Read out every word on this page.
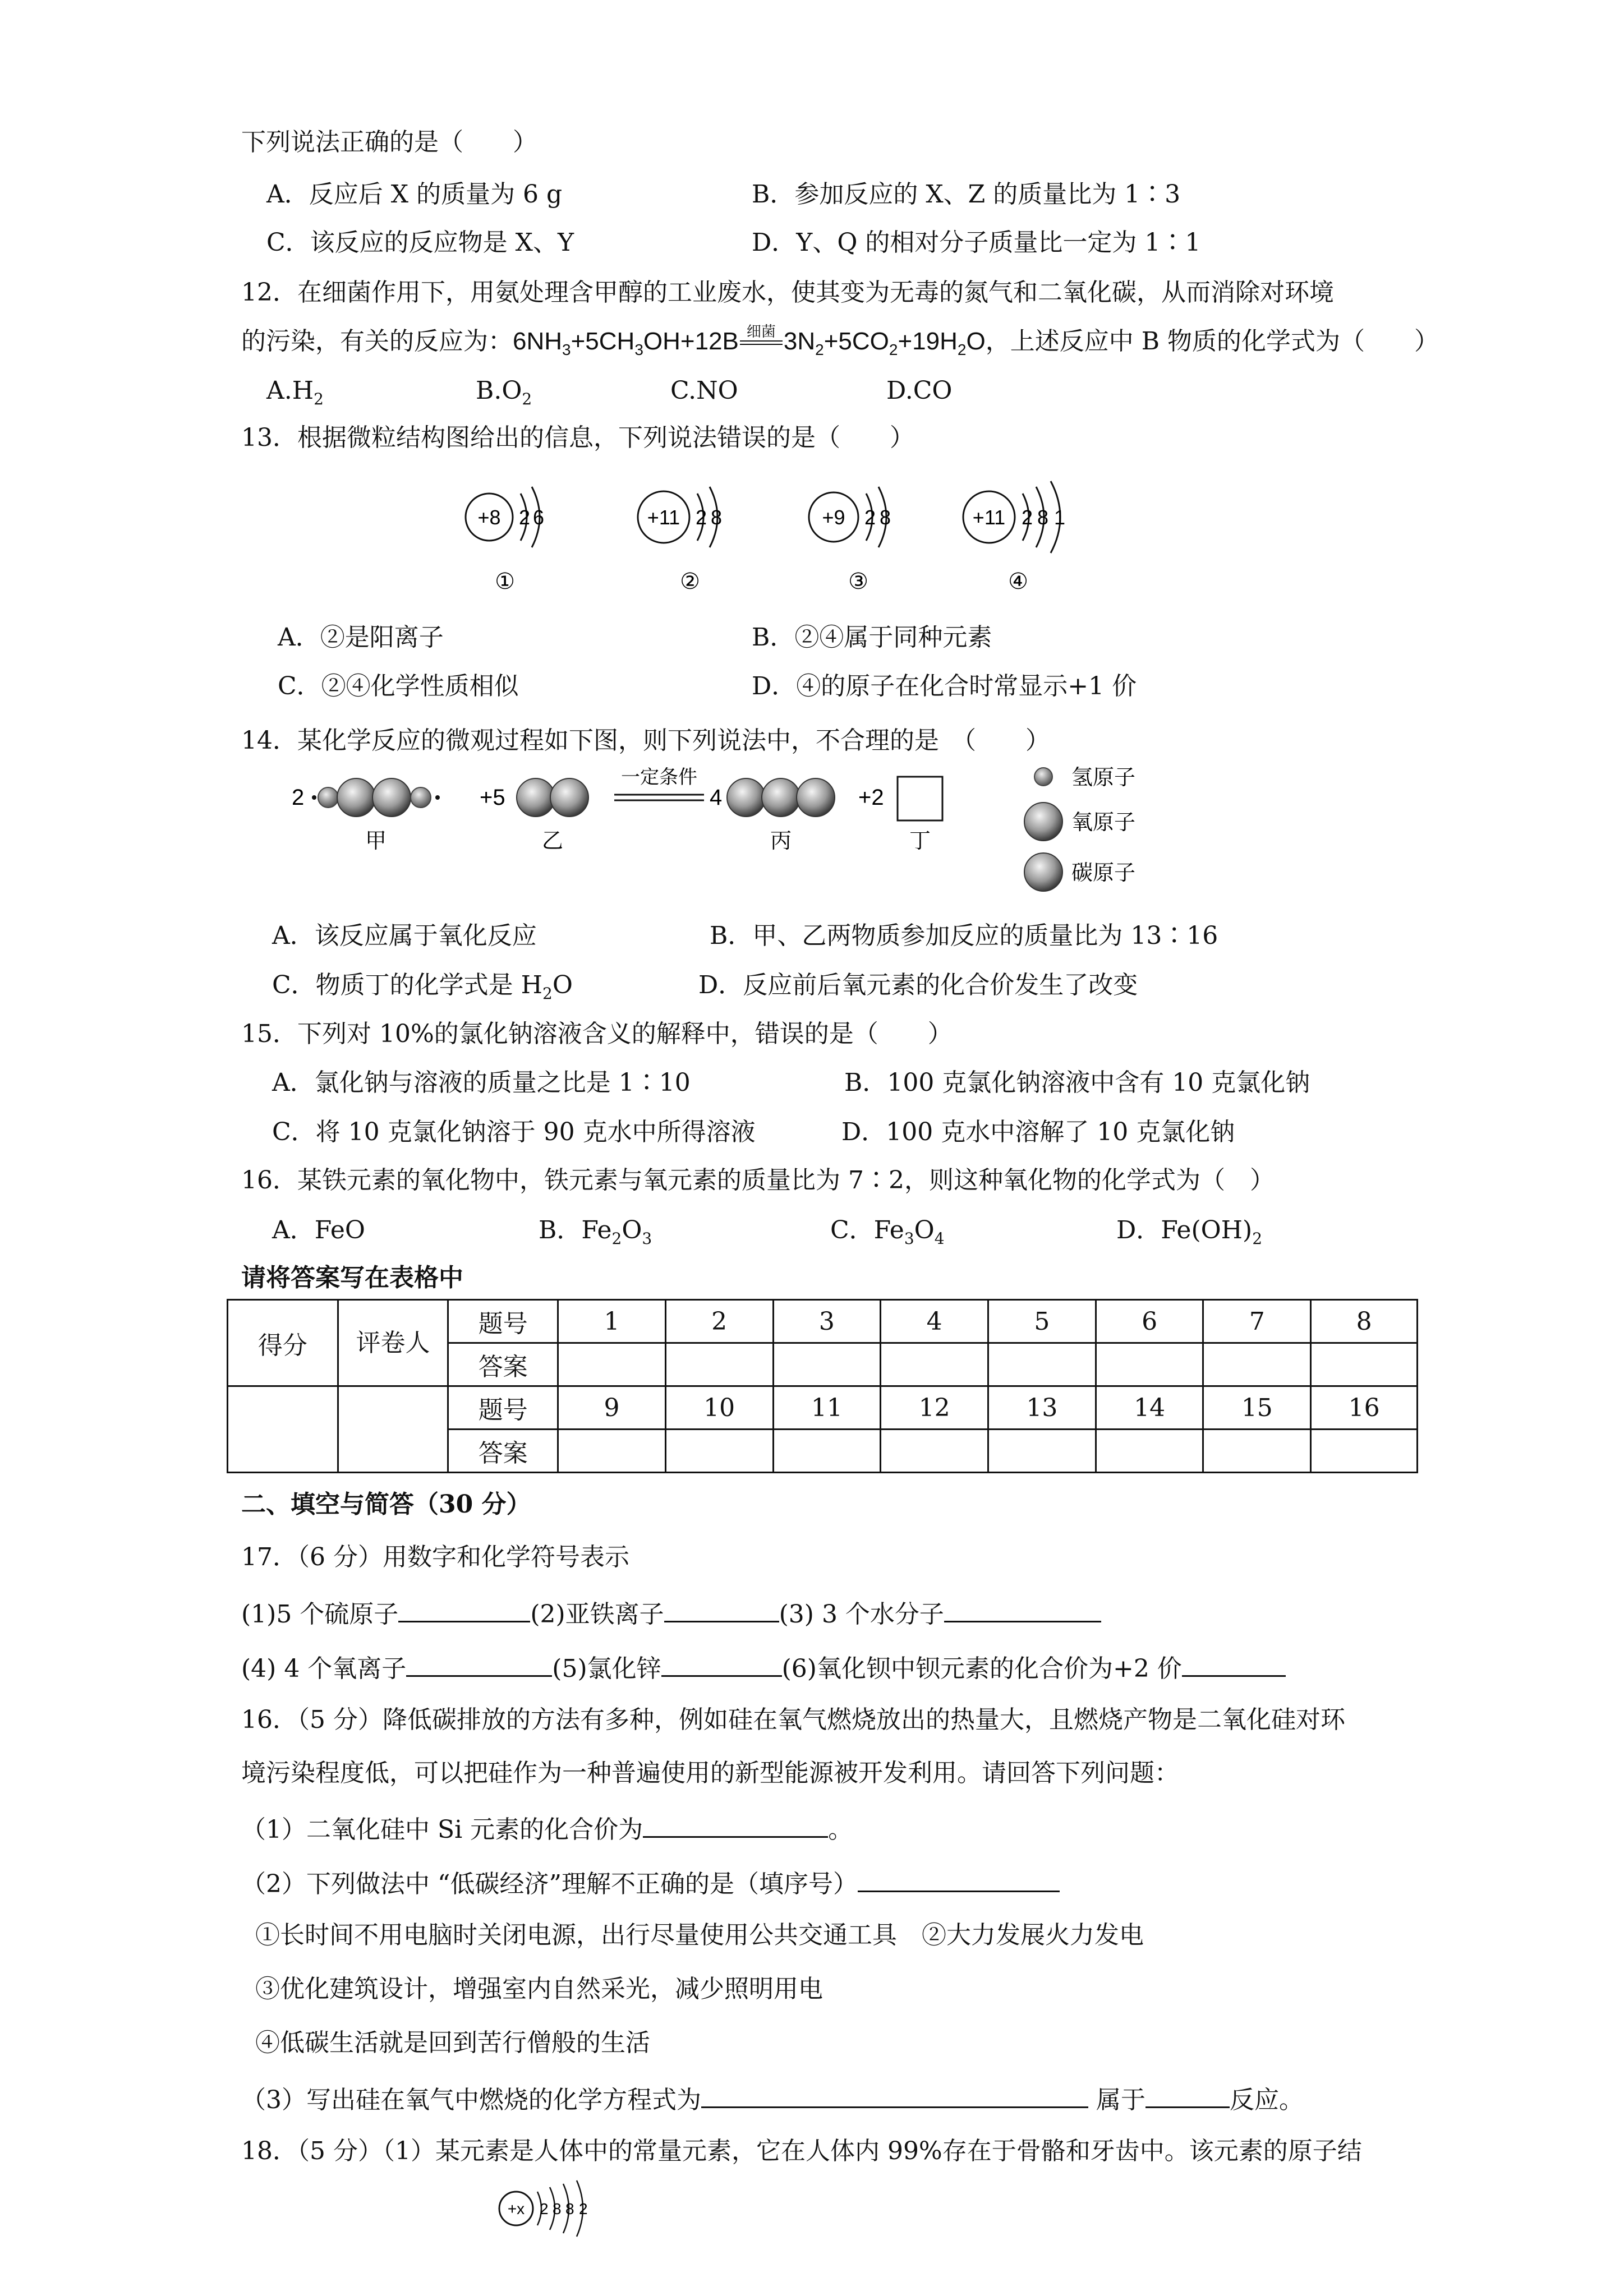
下列说法正确的是（　　）
A．反应后 X 的质量为 6 g	B．参加反应的 X、Z 的质量比为 1∶3
C．该反应的反应物是 X、Y	D．Y、Q 的相对分子质量比一定为 1∶1
12．在细菌作用下，用氨处理含甲醇的工业废水，使其变为无毒的氮气和二氧化碳，从而消除对环境
的污染，有关的反应为：$6NH_3+5CH_3OH+12B$ 细菌 $3N_2+5CO_2+19H_2O$，上述反应中 B 物质的化学式为（　　）
$A.H_2$	$B.O_2$	C.NO	D.CO
13．根据微粒结构图给出的信息，下列说法错误的是（　　）
+8 2 6
①
+11 2 8
②
+9 2 8
③
+11 2 8 1
④
A．②是阳离子	B．②④属于同种元素
C．②④化学性质相似	D．④的原子在化合时常显示+1 价
14．某化学反应的微观过程如下图，则下列说法中，不合理的是　（　　）
2
甲
+5
乙
一定条件
4
丙
+2
丁
氢原子
氧原子
碳原子
A．该反应属于氧化反应	B．甲、乙两物质参加反应的质量比为 13∶16
C．物质丁的化学式是 $H_2O$	D．反应前后氧元素的化合价发生了改变
15．下列对 10%的氯化钠溶液含义的解释中，错误的是（　　）
A．氯化钠与溶液的质量之比是 1∶10	B．100 克氯化钠溶液中含有 10 克氯化钠
C．将 10 克氯化钠溶于 90 克水中所得溶液	D．100 克水中溶解了 10 克氯化钠
16．某铁元素的氧化物中，铁元素与氧元素的质量比为 7∶2，则这种氧化物的化学式为（　）
A．FeO	B．$Fe_2O_3$	C．$Fe_3O_4$	D．$Fe(OH)_2$
请将答案写在表格中
得分	评卷人	题号	1	2	3	4	5	6	7	8
		答案								
		题号	9	10	11	12	13	14	15	16
		答案								
二、填空与简答（30 分）
17．（6 分）用数字和化学符号表示
(1)5 个硫原子	(2)亚铁离子	(3) 3 个水分子
(4) 4 个氧离子	(5)氯化锌	(6)氧化钡中钡元素的化合价为+2 价
16．（5 分）降低碳排放的方法有多种，例如硅在氧气燃烧放出的热量大，且燃烧产物是二氧化硅对环
境污染程度低，可以把硅作为一种普遍使用的新型能源被开发利用。请回答下列问题：
（1）二氧化硅中 Si 元素的化合价为	。
（2）下列做法中 “低碳经济”理解不正确的是（填序号）
①长时间不用电脑时关闭电源，出行尽量使用公共交通工具　②大力发展火力发电
③优化建筑设计，增强室内自然采光，减少照明用电
④低碳生活就是回到苦行僧般的生活
（3）写出硅在氧气中燃烧的化学方程式为	属于	反应。
18．（5 分）（1）某元素是人体中的常量元素，它在人体内 99%存在于骨骼和牙齿中。该元素的原子结
+x 2 8 8 2
